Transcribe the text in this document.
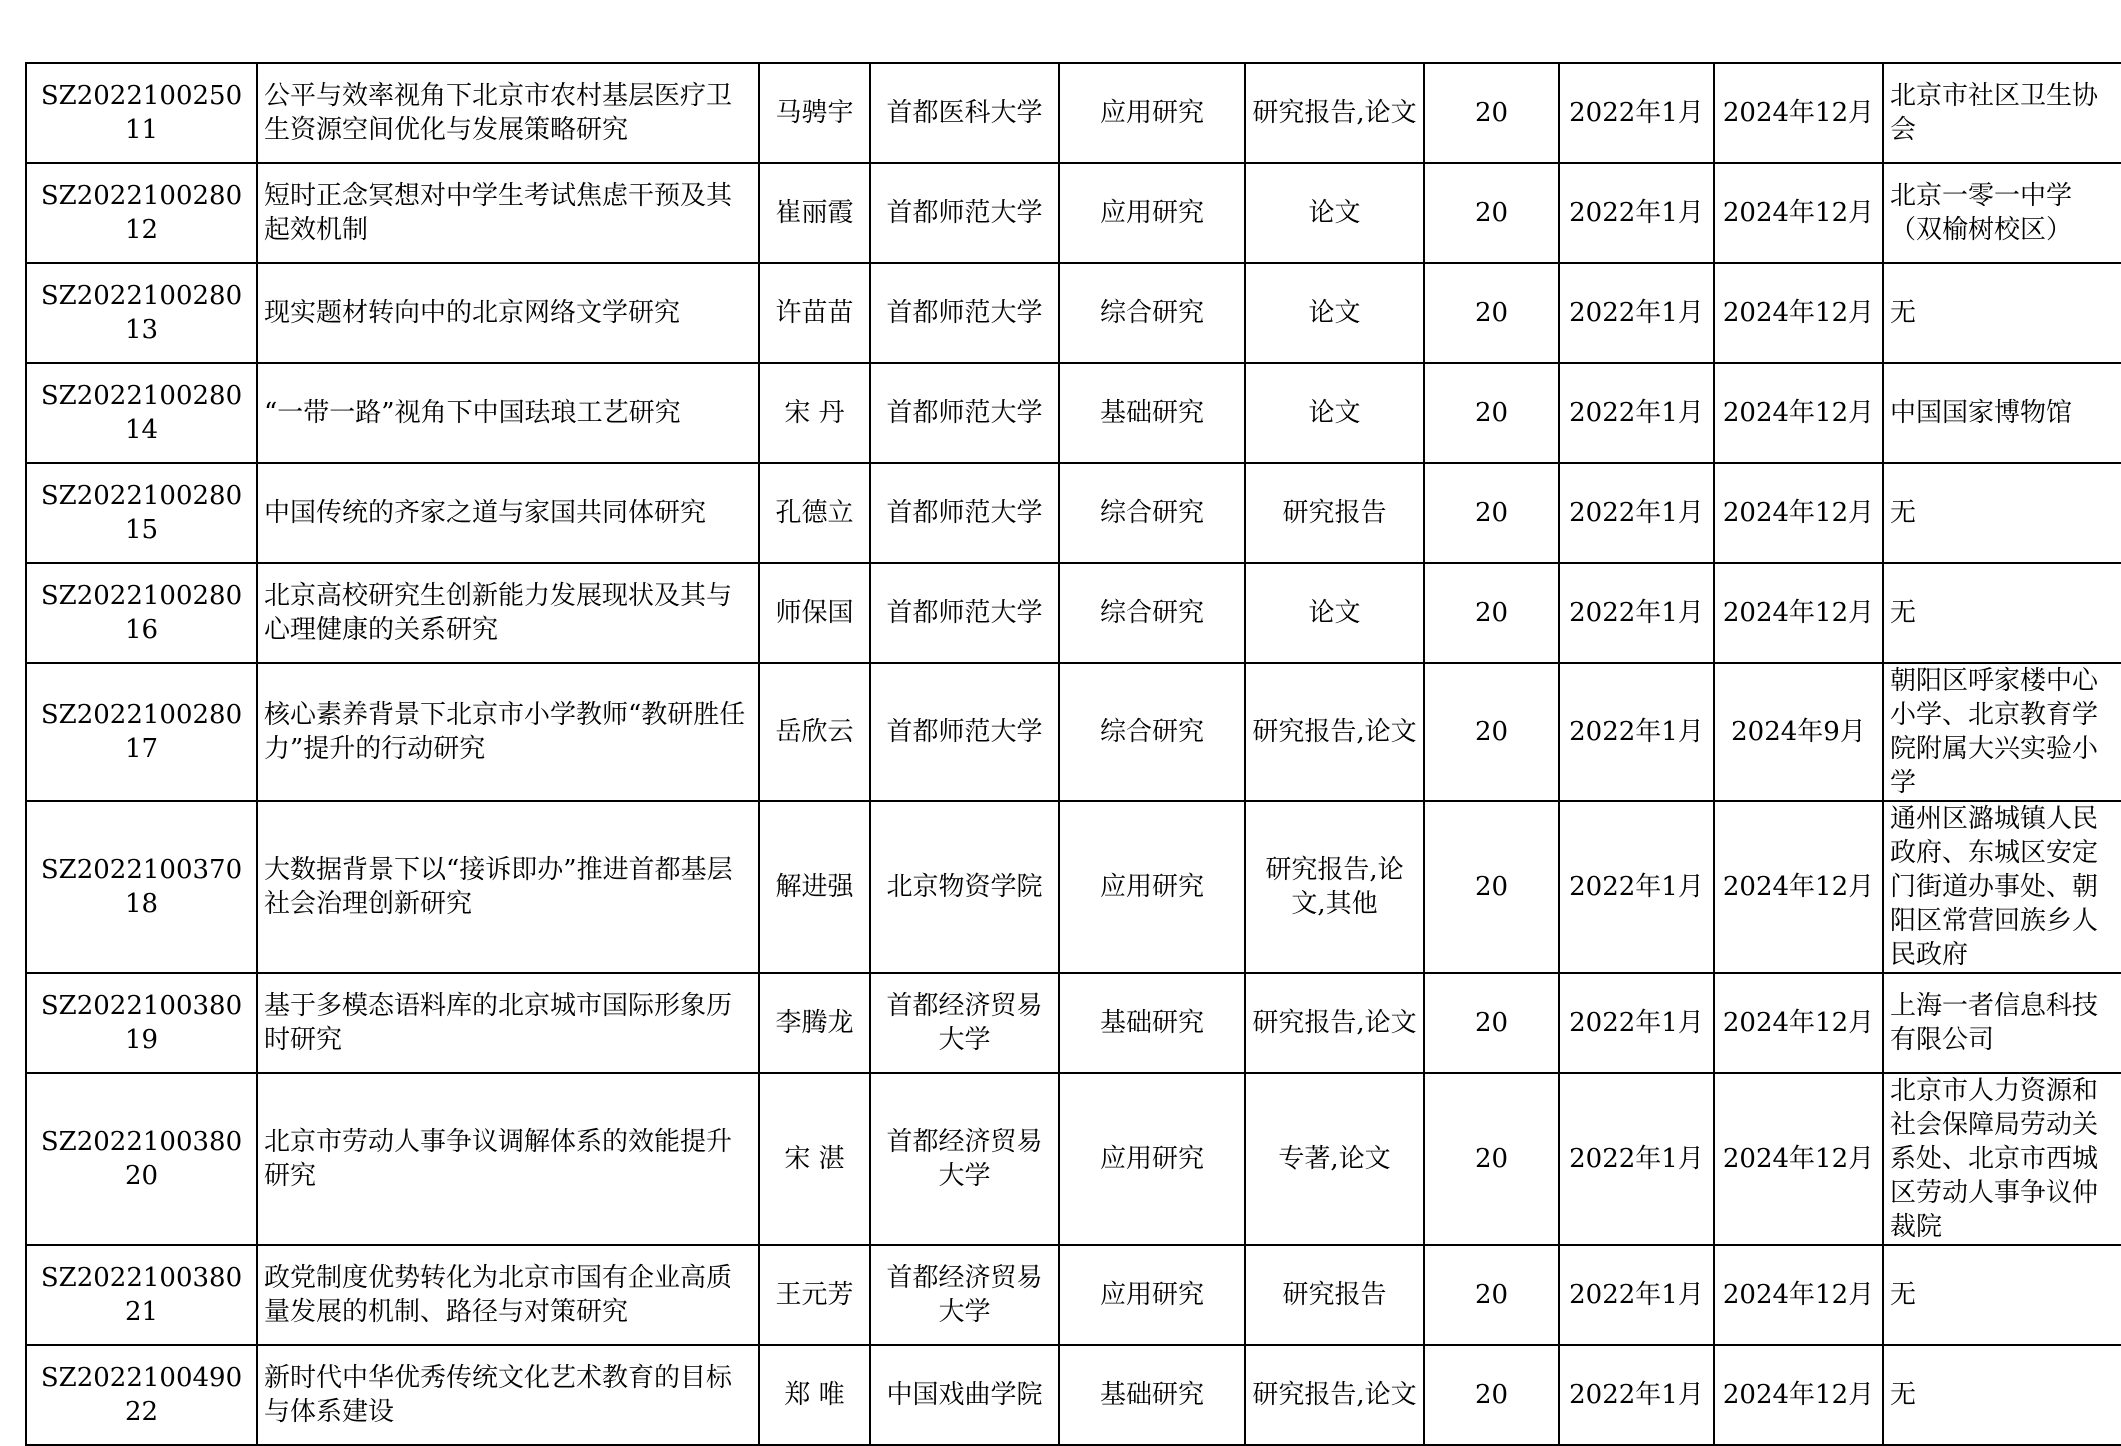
SZ202210025011	公平与效率视角下北京市农村基层医疗卫生资源空间优化与发展策略研究	马骋宇	首都医科大学	应用研究	研究报告,论文	20	2022年1月	2024年12月	北京市社区卫生协会
SZ202210028012	短时正念冥想对中学生考试焦虑干预及其起效机制	崔丽霞	首都师范大学	应用研究	论文	20	2022年1月	2024年12月	北京一零一中学（双榆树校区）
SZ202210028013	现实题材转向中的北京网络文学研究	许苗苗	首都师范大学	综合研究	论文	20	2022年1月	2024年12月	无
SZ202210028014	“一带一路”视角下中国珐琅工艺研究	宋 丹	首都师范大学	基础研究	论文	20	2022年1月	2024年12月	中国国家博物馆
SZ202210028015	中国传统的齐家之道与家国共同体研究	孔德立	首都师范大学	综合研究	研究报告	20	2022年1月	2024年12月	无
SZ202210028016	北京高校研究生创新能力发展现状及其与心理健康的关系研究	师保国	首都师范大学	综合研究	论文	20	2022年1月	2024年12月	无
SZ202210028017	核心素养背景下北京市小学教师“教研胜任力”提升的行动研究	岳欣云	首都师范大学	综合研究	研究报告,论文	20	2022年1月	2024年9月	朝阳区呼家楼中心小学、北京教育学院附属大兴实验小学
SZ202210037018	大数据背景下以“接诉即办”推进首都基层社会治理创新研究	解进强	北京物资学院	应用研究	研究报告,论文,其他	20	2022年1月	2024年12月	通州区潞城镇人民政府、东城区安定门街道办事处、朝阳区常营回族乡人民政府
SZ202210038019	基于多模态语料库的北京城市国际形象历时研究	李腾龙	首都经济贸易大学	基础研究	研究报告,论文	20	2022年1月	2024年12月	上海一者信息科技有限公司
SZ202210038020	北京市劳动人事争议调解体系的效能提升研究	宋 湛	首都经济贸易大学	应用研究	专著,论文	20	2022年1月	2024年12月	北京市人力资源和社会保障局劳动关系处、北京市西城区劳动人事争议仲裁院
SZ202210038021	政党制度优势转化为北京市国有企业高质量发展的机制、路径与对策研究	王元芳	首都经济贸易大学	应用研究	研究报告	20	2022年1月	2024年12月	无
SZ202210049022	新时代中华优秀传统文化艺术教育的目标与体系建设	郑 唯	中国戏曲学院	基础研究	研究报告,论文	20	2022年1月	2024年12月	无
